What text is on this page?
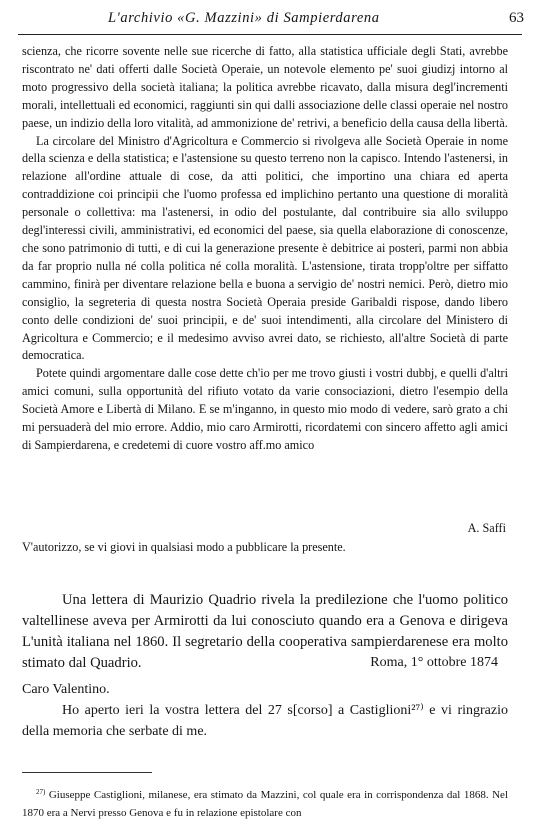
L'archivio «G. Mazzini» di Sampierdarena	63

scienza, che ricorre sovente nelle sue ricerche di fatto, alla statistica ufficiale degli Stati, avrebbe riscontrato ne' dati offerti dalle Società Operaie, un notevole elemento pe' suoi giudizj intorno al moto progressivo della società italiana; la politica avrebbe ricavato, dalla misura degl'incrementi morali, intellettuali ed economici, raggiunti sin qui dalli associazione delle classi operaie nel nostro paese, un indizio della loro vitalità, ad ammonizione de' retrivi, a beneficio della causa della libertà.

La circolare del Ministro d'Agricoltura e Commercio si rivolgeva alle Società Operaie in nome della scienza e della statistica; e l'astensione su questo terreno non la capisco. Intendo l'astenersi, in relazione all'ordine attuale di cose, da atti politici, che importino una chiara ed aperta contraddizione coi principii che l'uomo professa ed implichino pertanto una questione di moralità personale o collettiva: ma l'astenersi, in odio del postulante, dal contribuire sia allo sviluppo degl'interessi civili, amministrativi, ed economici del paese, sia quella elaborazione di conoscenze, che sono patrimonio di tutti, e di cui la generazione presente è debitrice ai posteri, parmi non abbia da far proprio nulla né colla politica né colla moralità. L'astensione, tirata tropp'oltre per siffatto cammino, finirà per diventare relazione bella e buona a servigio de' nostri nemici. Però, dietro mio consiglio, la segreteria di questa nostra Società Operaia preside Garibaldi rispose, dando libero conto delle condizioni de' suoi principii, e de' suoi intendimenti, alla circolare del Ministero di Agricoltura e Commercio; e il medesimo avviso avrei dato, se richiesto, all'altre Società di parte democratica.

Potete quindi argomentare dalle cose dette ch'io per me trovo giusti i vostri dubbj, e quelli d'altri amici comuni, sulla opportunità del rifiuto votato da varie consociazioni, dietro l'esempio della Società Amore e Libertà di Milano. E se m'inganno, in questo mio modo di vedere, sarò grato a chi mi persuaderà del mio errore. Addio, mio caro Armirotti, ricordatemi con sincero affetto agli amici di Sampierdarena, e credetemi di cuore vostro aff.mo amico

A. Saffi
V'autorizzo, se vi giovi in qualsiasi modo a pubblicare la presente.

Una lettera di Maurizio Quadrio rivela la predilezione che l'uomo politico valtellinese aveva per Armirotti da lui conosciuto quando era a Genova e dirigeva L'unità italiana nel 1860. Il segretario della cooperativa sampierdarenese era molto stimato dal Quadrio.	Roma, 1° ottobre 1874
Caro Valentino.

Ho aperto ieri la vostra lettera del 27 s[corso] a Castiglioni²⁷⁾ e vi ringrazio della memoria che serbate di me.

$^{27)}$ Giuseppe Castiglioni, milanese, era stimato da Mazzini, col quale era in corrispondenza dal 1868. Nel 1870 era a Nervi presso Genova e fu in relazione epistolare con
